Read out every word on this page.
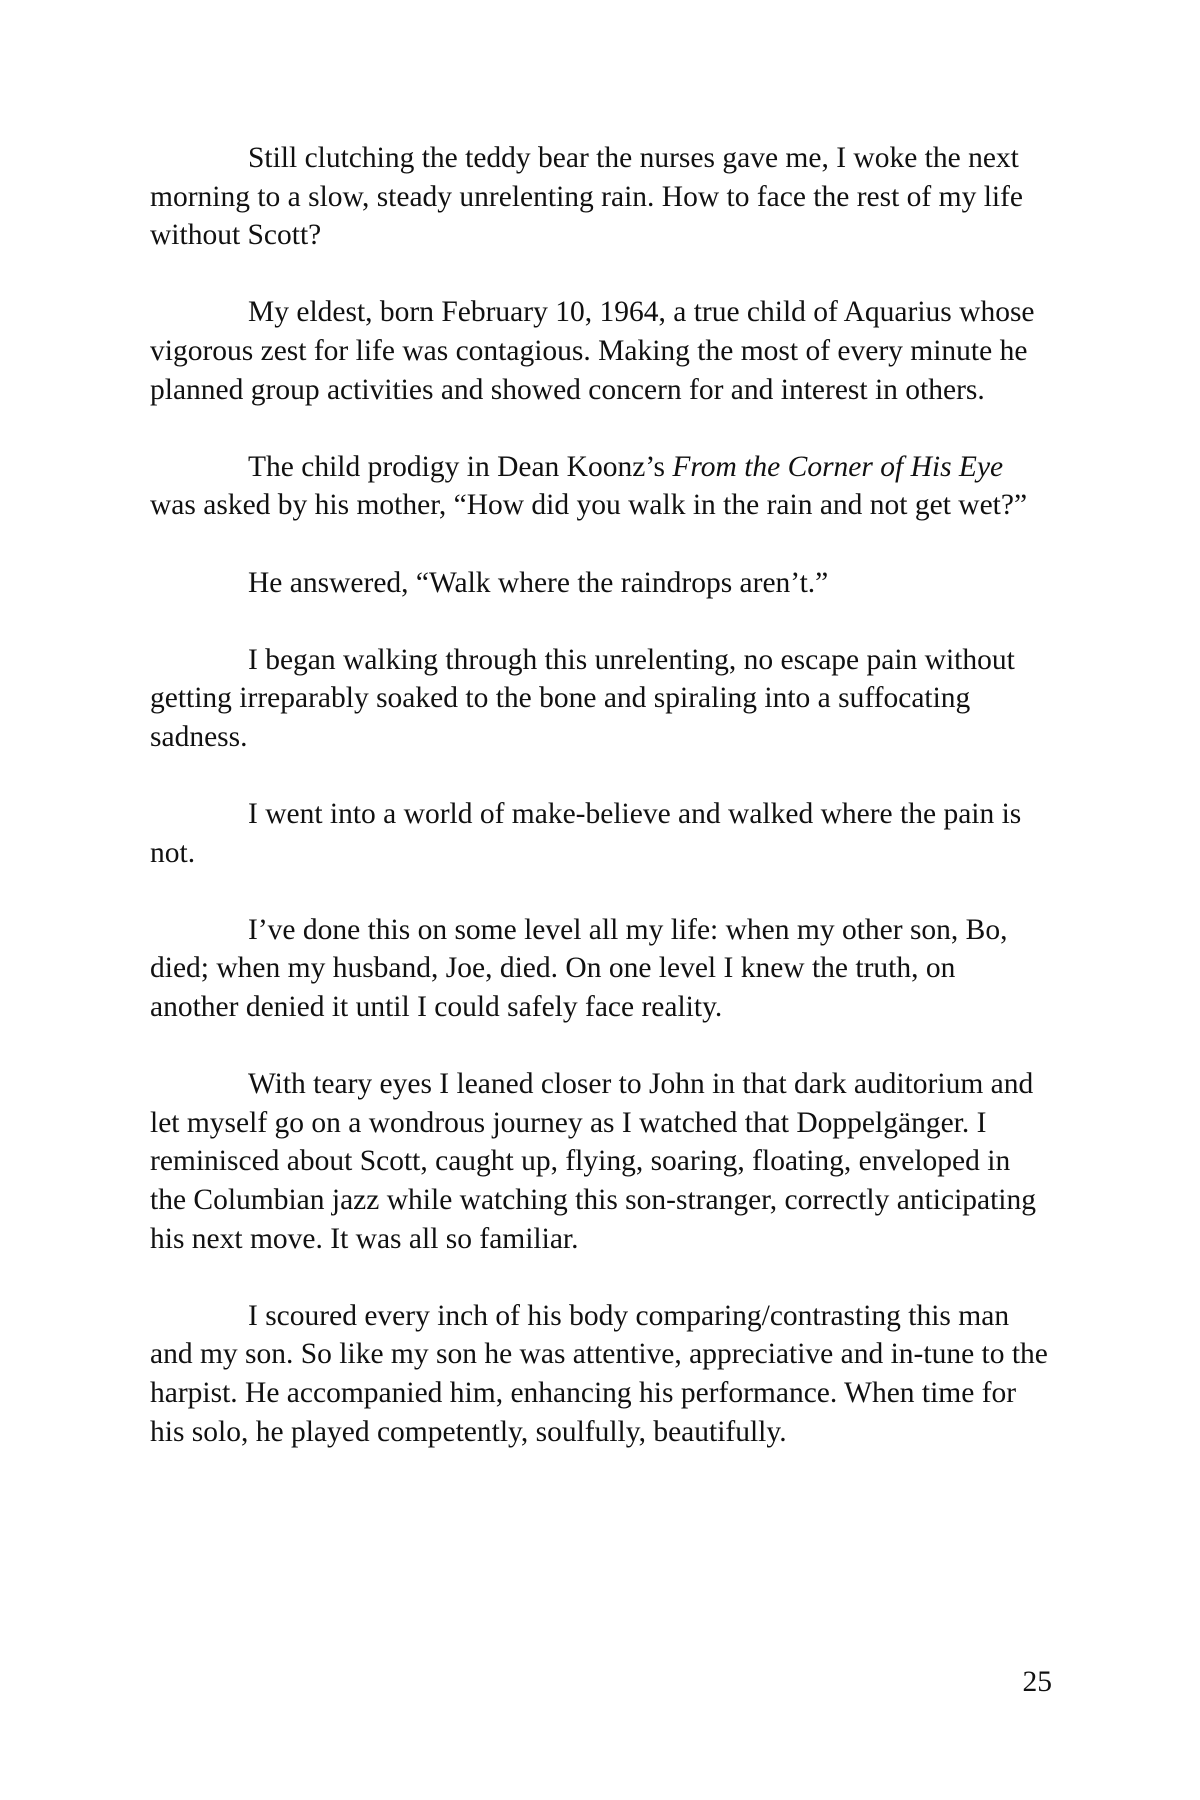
Still clutching the teddy bear the nurses gave me, I woke the next morning to a slow, steady unrelenting rain. How to face the rest of my life without Scott?

My eldest, born February 10, 1964, a true child of Aquarius whose vigorous zest for life was contagious. Making the most of every minute he planned group activities and showed concern for and interest in others.

The child prodigy in Dean Koonz’s From the Corner of His Eye was asked by his mother, “How did you walk in the rain and not get wet?”

He answered, “Walk where the raindrops aren’t.”

I began walking through this unrelenting, no escape pain without getting irreparably soaked to the bone and spiraling into a suffocating sadness.

I went into a world of make-believe and walked where the pain is not.

I’ve done this on some level all my life: when my other son, Bo, died; when my husband, Joe, died. On one level I knew the truth, on another denied it until I could safely face reality.

With teary eyes I leaned closer to John in that dark auditorium and let myself go on a wondrous journey as I watched that Doppelgänger. I reminisced about Scott, caught up, flying, soaring, floating, enveloped in the Columbian jazz while watching this son-stranger, correctly anticipating his next move. It was all so familiar.

I scoured every inch of his body comparing/contrasting this man and my son. So like my son he was attentive, appreciative and in-tune to the harpist. He accompanied him, enhancing his performance. When time for his solo, he played competently, soulfully, beautifully.

25
